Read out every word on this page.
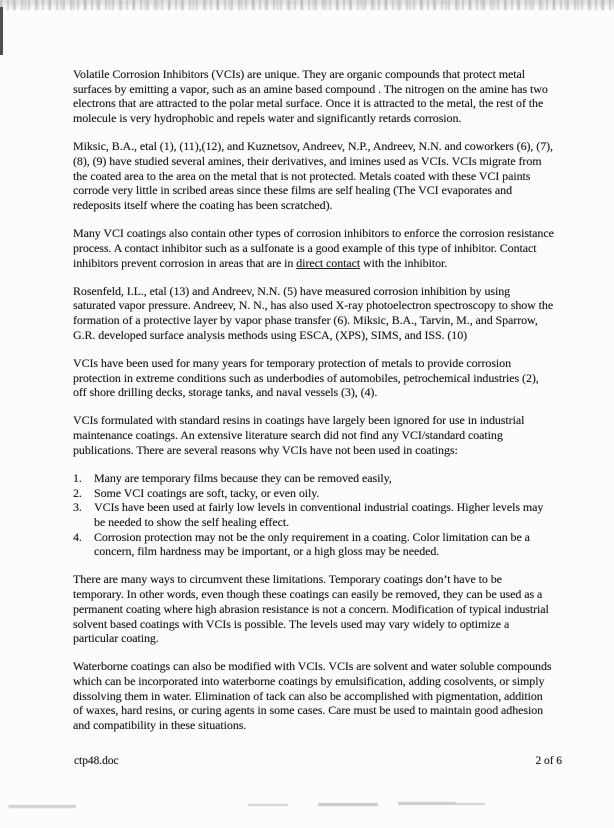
Volatile Corrosion Inhibitors (VCIs) are unique. They are organic compounds that protect metal surfaces by emitting a vapor, such as an amine based compound . The nitrogen on the amine has two electrons that are attracted to the polar metal surface. Once it is attracted to the metal, the rest of the molecule is very hydrophobic and repels water and significantly retards corrosion.

Miksic, B.A., etal (1), (11),(12), and Kuznetsov, Andreev, N.P., Andreev, N.N. and coworkers (6), (7), (8), (9) have studied several amines, their derivatives, and imines used as VCIs. VCIs migrate from the coated area to the area on the metal that is not protected. Metals coated with these VCI paints corrode very little in scribed areas since these films are self healing (The VCI evaporates and redeposits itself where the coating has been scratched).

Many VCI coatings also contain other types of corrosion inhibitors to enforce the corrosion resistance process. A contact inhibitor such as a sulfonate is a good example of this type of inhibitor. Contact inhibitors prevent corrosion in areas that are in direct contact with the inhibitor.

Rosenfeld, I.L., etal (13) and Andreev, N.N. (5) have measured corrosion inhibition by using saturated vapor pressure. Andreev, N. N., has also used X-ray photoelectron spectroscopy to show the formation of a protective layer by vapor phase transfer (6). Miksic, B.A., Tarvin, M., and Sparrow, G.R. developed surface analysis methods using ESCA, (XPS), SIMS, and ISS. (10)

VCIs have been used for many years for temporary protection of metals to provide corrosion protection in extreme conditions such as underbodies of automobiles, petrochemical industries (2), off shore drilling decks, storage tanks, and naval vessels (3), (4).

VCIs formulated with standard resins in coatings have largely been ignored for use in industrial maintenance coatings. An extensive literature search did not find any VCI/standard coating publications. There are several reasons why VCIs have not been used in coatings:

1.	Many are temporary films because they can be removed easily,
2.	Some VCI coatings are soft, tacky, or even oily.
3.	VCIs have been used at fairly low levels in conventional industrial coatings. Higher levels may be needed to show the self healing effect.
4.	Corrosion protection may not be the only requirement in a coating. Color limitation can be a concern, film hardness may be important, or a high gloss may be needed.

There are many ways to circumvent these limitations. Temporary coatings don’t have to be temporary. In other words, even though these coatings can easily be removed, they can be used as a permanent coating where high abrasion resistance is not a concern. Modification of typical industrial solvent based coatings with VCIs is possible. The levels used may vary widely to optimize a particular coating.

Waterborne coatings can also be modified with VCIs. VCIs are solvent and water soluble compounds which can be incorporated into waterborne coatings by emulsification, adding cosolvents, or simply dissolving them in water. Elimination of tack can also be accomplished with pigmentation, addition of waxes, hard resins, or curing agents in some cases. Care must be used to maintain good adhesion and compatibility in these situations.

ctp48.doc	2 of 6
